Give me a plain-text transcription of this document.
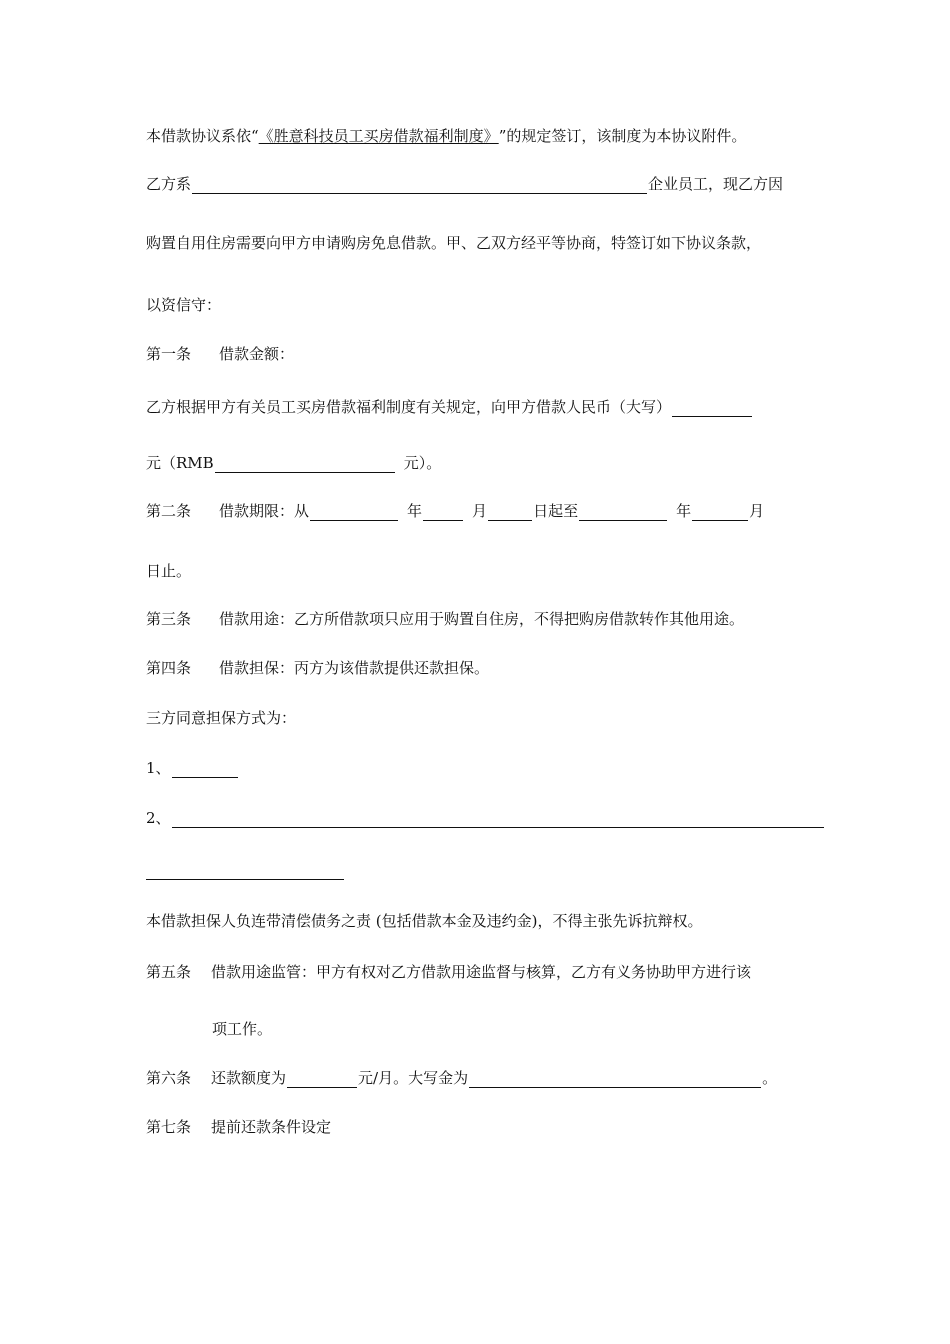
本借款协议系依“ 《胜意科技员工买房借款福利制度》 ”的规定签订，该制度为本协议附件。
乙方系	企业员工，现乙方因
购置自用住房需要向甲方申请购房免息借款。甲、乙双方经平等协商，特签订如下协议条款，
以资信守：
第一条 借款金额：
乙方根据甲方有关员工买房借款福利制度有关规定，向甲方借款人民币（大写）
元（RMB	元）。
第二条 借款期限：从	年	月	日起至	年	月
日止。
第三条 借款用途：乙方所借款项只应用于购置自住房，不得把购房借款转作其他用途。
第四条 借款担保：丙方为该借款提供还款担保。
三方同意担保方式为：
1、
2、
本借款担保人负连带清偿债务之责 (包括借款本金及违约金)，不得主张先诉抗辩权。
第五条 借款用途监管：甲方有权对乙方借款用途监督与核算，乙方有义务协助甲方进行该
项工作。
第六条 还款额度为	元/月。大写金为	。
第七条 提前还款条件设定
